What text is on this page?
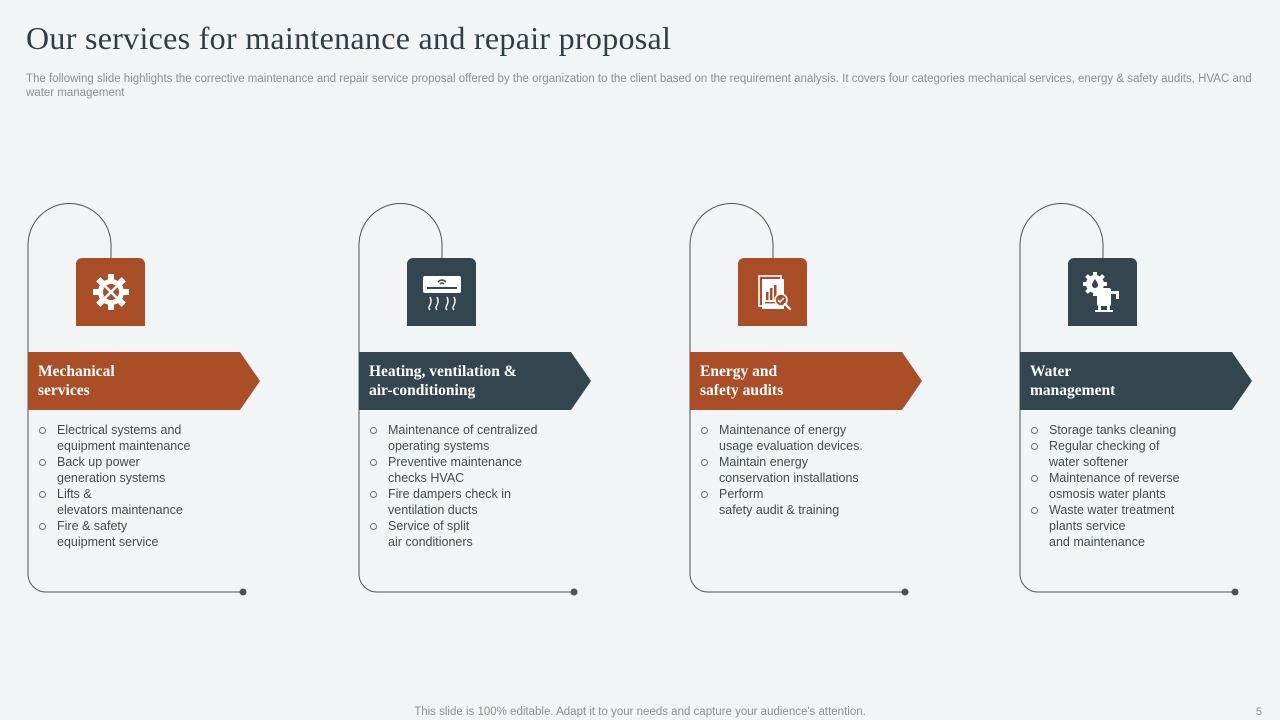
Our services for maintenance and repair proposal
The following slide highlights the corrective maintenance and repair service proposal offered by the organization to the client based on the requirement analysis. It covers four categories mechanical services, energy & safety audits, HVAC and water management
Mechanical
services
Electrical systems and
equipment maintenance
Back up power
generation systems
Lifts &
elevators maintenance
Fire & safety
equipment service
Heating, ventilation &
air-conditioning
Maintenance of centralized
operating systems
Preventive maintenance
checks HVAC
Fire dampers check in
ventilation ducts
Service of split
air conditioners
Energy and
safety audits
Maintenance of energy
usage evaluation devices.
Maintain energy
conservation installations
Perform
safety audit & training
Water
management
Storage tanks cleaning
Regular checking of
water softener
Maintenance of reverse
osmosis water plants
Waste water treatment
plants service
and maintenance
This slide is 100% editable. Adapt it to your needs and capture your audience's attention.	5
